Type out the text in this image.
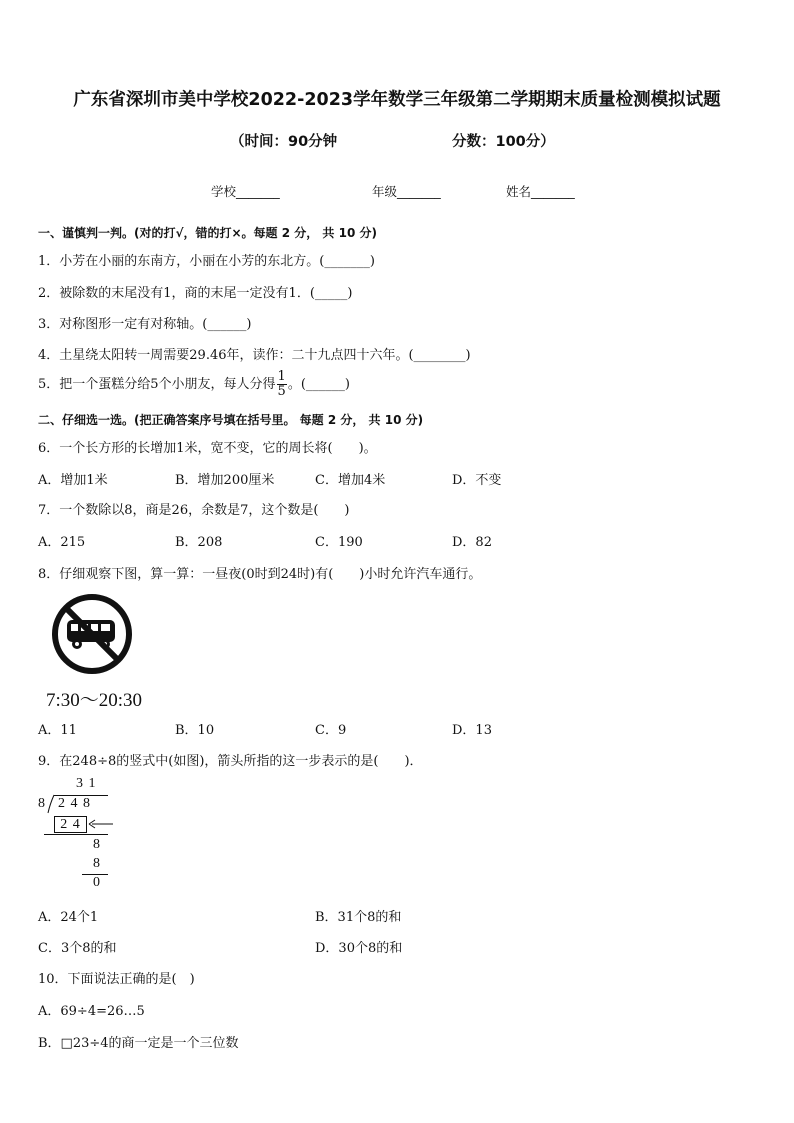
广东省深圳市美中学校2022-2023学年数学三年级第二学期期末质量检测模拟试题
（时间：90分钟	分数：100分）
学校_______	年级_______	姓名_______
一、谨慎判一判。(对的打√，错的打×。每题 2 分， 共 10 分)
1．小芳在小丽的东南方，小丽在小芳的东北方。(_______)
2．被除数的末尾没有1，商的末尾一定没有1．(_____)
3．对称图形一定有对称轴。(______)
4．土星绕太阳转一周需要29.46年，读作：二十九点四十六年。(________)
5．把一个蛋糕分给5个小朋友，每人分得 $\frac{1}{5}$ 。(______)
二、仔细选一选。(把正确答案序号填在括号里。 每题 2 分， 共 10 分)
6．一个长方形的长增加1米，宽不变，它的周长将(　　)。
A．增加1米	B．增加200厘米	C．增加4米	D．不变
7．一个数除以8，商是26，余数是7，这个数是(　　)
A．215	B．208	C．190	D．82
8．仔细观察下图，算一算：一昼夜(0时到24时)有(　　)小时允许汽车通行。
7:30～20:30
A．11	B．10	C．9	D．13
9．在248÷8的竖式中(如图)，箭头所指的这一步表示的是(　　)．
3 1
8 2 4 8
2 4
8
8
0
A．24个1	B．31个8的和
C．3个8的和	D．30个8的和
10．下面说法正确的是(　)
A．69÷4=26…5
B．□23÷4的商一定是一个三位数
